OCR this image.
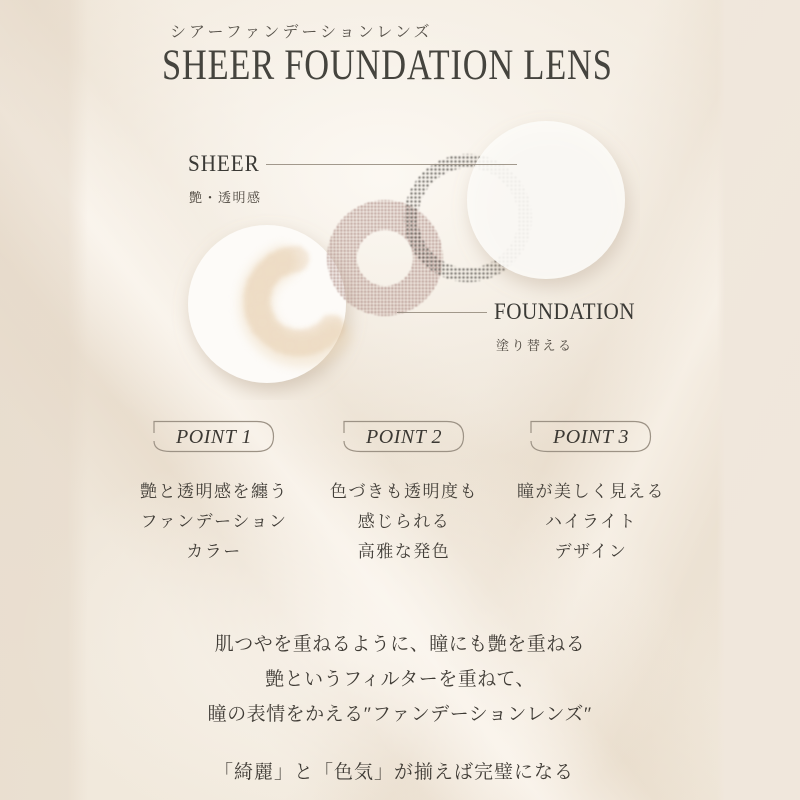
シアーファンデーションレンズ
SHEER FOUNDATION LENS
SHEER
艶・透明感
FOUNDATION
塗り替える
POINT 1	POINT 2	POINT 3
艶と透明感を纏う
ファンデーション
カラー
色づきも透明度も
感じられる
高雅な発色
瞳が美しく見える
ハイライト
デザイン
肌つやを重ねるように、瞳にも艶を重ねる
艶というフィルターを重ねて、
瞳の表情をかえる″ファンデーションレンズ″
「綺麗」と「色気」が揃えば完璧になる
